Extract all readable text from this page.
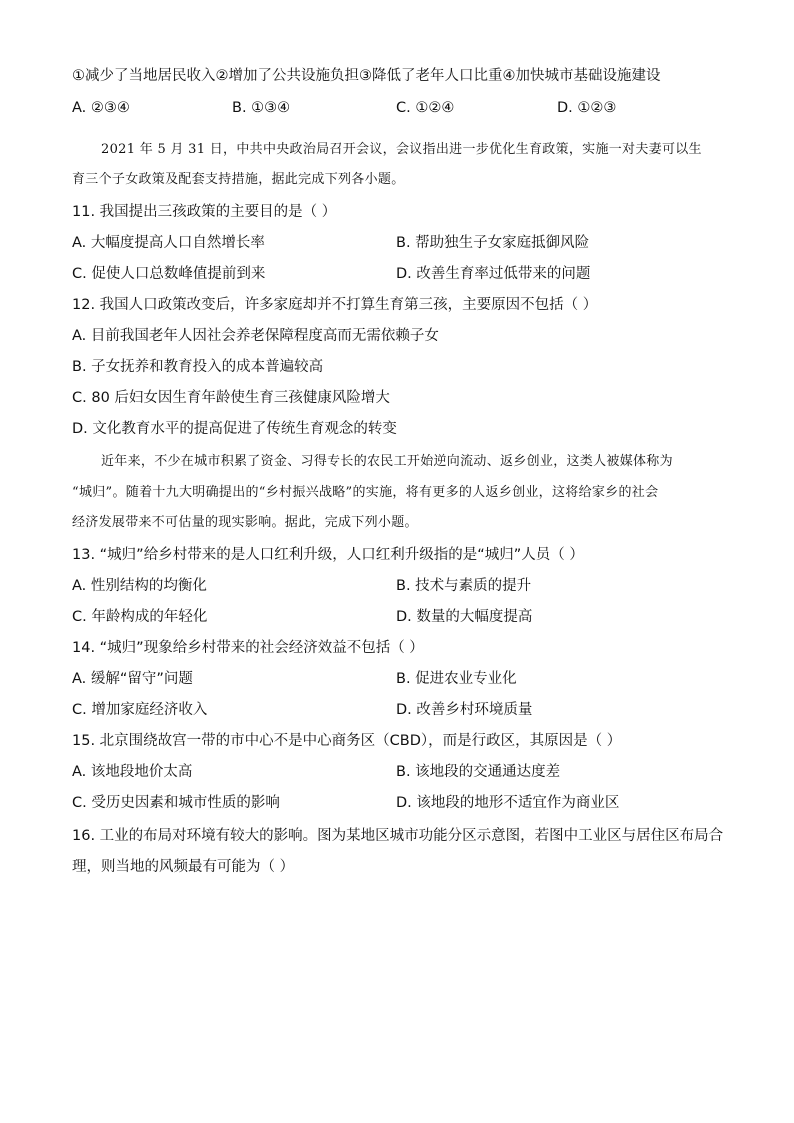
①减少了当地居民收入②增加了公共设施负担③降低了老年人口比重④加快城市基础设施建设
A. ②③④	B. ①③④	C. ①②④	D. ①②③
2021 年 5 月 31 日，中共中央政治局召开会议，会议指出进一步优化生育政策，实施一对夫妻可以生
育三个子女政策及配套支持措施，据此完成下列各小题。
11. 我国提出三孩政策的主要目的是（ ）
A. 大幅度提高人口自然增长率	B. 帮助独生子女家庭抵御风险
C. 促使人口总数峰值提前到来	D. 改善生育率过低带来的问题
12. 我国人口政策改变后，许多家庭却并不打算生育第三孩，主要原因不包括（ ）
A. 目前我国老年人因社会养老保障程度高而无需依赖子女
B. 子女抚养和教育投入的成本普遍较高
C. 80 后妇女因生育年龄使生育三孩健康风险增大
D. 文化教育水平的提高促进了传统生育观念的转变
近年来，不少在城市积累了资金、习得专长的农民工开始逆向流动、返乡创业，这类人被媒体称为
“城归”。随着十九大明确提出的“乡村振兴战略”的实施，将有更多的人返乡创业，这将给家乡的社会
经济发展带来不可估量的现实影响。据此，完成下列小题。
13. “城归”给乡村带来的是人口红利升级，人口红利升级指的是“城归”人员（ ）
A. 性别结构的均衡化	B. 技术与素质的提升
C. 年龄构成的年轻化	D. 数量的大幅度提高
14. “城归”现象给乡村带来的社会经济效益不包括（ ）
A. 缓解“留守”问题	B. 促进农业专业化
C. 增加家庭经济收入	D. 改善乡村环境质量
15. 北京围绕故宫一带的市中心不是中心商务区（CBD），而是行政区，其原因是（ ）
A. 该地段地价太高	B. 该地段的交通通达度差
C. 受历史因素和城市性质的影响	D. 该地段的地形不适宜作为商业区
16. 工业的布局对环境有较大的影响。图为某地区城市功能分区示意图，若图中工业区与居住区布局合
理，则当地的风频最有可能为（ ）
